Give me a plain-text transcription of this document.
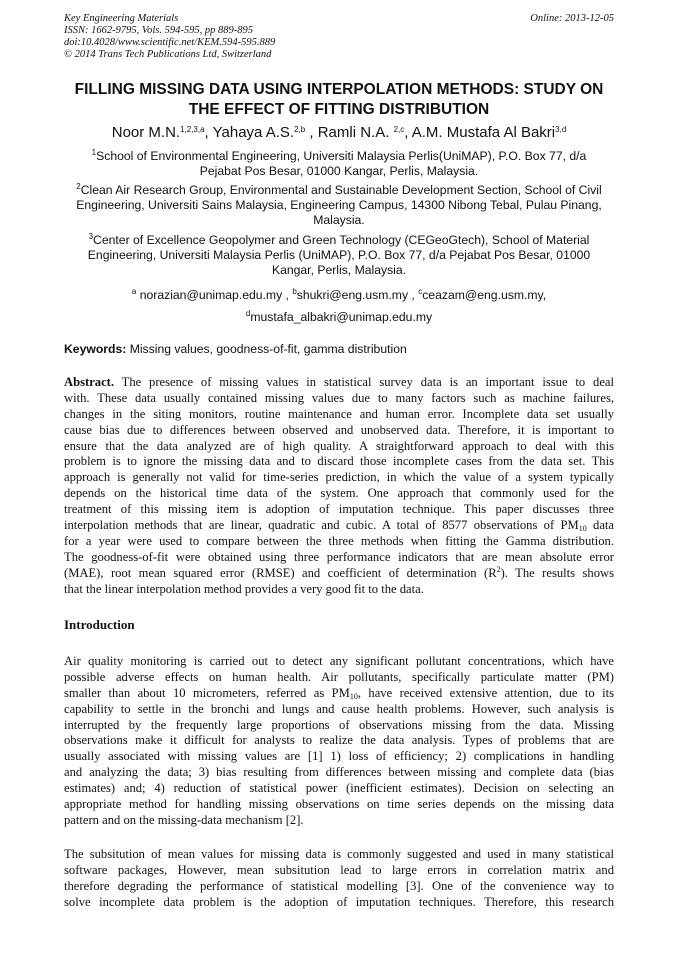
Key Engineering Materials
ISSN: 1662-9795, Vols. 594-595, pp 889-895
doi:10.4028/www.scientific.net/KEM.594-595.889
© 2014 Trans Tech Publications Ltd, Switzerland
Online: 2013-12-05
FILLING MISSING DATA USING INTERPOLATION METHODS: STUDY ON
THE EFFECT OF FITTING DISTRIBUTION
Noor M.N.$^{1,2,3,a}$, Yahaya A.S.$^{2,b}$ , Ramli N.A. $^{2,c}$, A.M. Mustafa Al Bakri$^{3,d}$
$^1$School of Environmental Engineering, Universiti Malaysia Perlis(UniMAP), P.O. Box 77, d/a
Pejabat Pos Besar, 01000 Kangar, Perlis, Malaysia.
$^2$Clean Air Research Group, Environmental and Sustainable Development Section, School of Civil
Engineering, Universiti Sains Malaysia, Engineering Campus, 14300 Nibong Tebal, Pulau Pinang,
Malaysia.
$^3$Center of Excellence Geopolymer and Green Technology (CEGeoGtech), School of Material
Engineering, Universiti Malaysia Perlis (UniMAP), P.O. Box 77, d/a Pejabat Pos Besar, 01000
Kangar, Perlis, Malaysia.
$^a$ norazian@unimap.edu.my , $^b$shukri@eng.usm.my , $^c$ceazam@eng.usm.my,
$^d$mustafa_albakri@unimap.edu.my
Keywords: Missing values, goodness-of-fit, gamma distribution
Abstract. The presence of missing values in statistical survey data is an important issue to deal
with. These data usually contained missing values due to many factors such as machine failures,
changes in the siting monitors, routine maintenance and human error. Incomplete data set usually
cause bias due to differences between observed and unobserved data. Therefore, it is important to
ensure that the data analyzed are of high quality. A straightforward approach to deal with this
problem is to ignore the missing data and to discard those incomplete cases from the data set. This
approach is generally not valid for time-series prediction, in which the value of a system typically
depends on the historical time data of the system. One approach that commonly used for the
treatment of this missing item is adoption of imputation technique. This paper discusses three
interpolation methods that are linear, quadratic and cubic. A total of 8577 observations of $PM_{10}$ data
for a year were used to compare between the three methods when fitting the Gamma distribution.
The goodness-of-fit were obtained using three performance indicators that are mean absolute error
(MAE), root mean squared error (RMSE) and coefficient of determination $(R^2)$. The results shows
that the linear interpolation method provides a very good fit to the data.
Introduction
Air quality monitoring is carried out to detect any significant pollutant concentrations, which have
possible adverse effects on human health. Air pollutants, specifically particulate matter (PM)
smaller than about 10 micrometers, referred as $PM_{10}$, have received extensive attention, due to its
capability to settle in the bronchi and lungs and cause health problems. However, such analysis is
interrupted by the frequently large proportions of observations missing from the data. Missing
observations make it difficult for analysts to realize the data analysis. Types of problems that are
usually associated with missing values are [1] 1) loss of efficiency; 2) complications in handling
and analyzing the data; 3) bias resulting from differences between missing and complete data (bias
estimates) and; 4) reduction of statistical power (inefficient estimates). Decision on selecting an
appropriate method for handling missing observations on time series depends on the missing data
pattern and on the missing-data mechanism [2].
The subsitution of mean values for missing data is commonly suggested and used in many statistical
software packages, However, mean subsitution lead to large errors in correlation matrix and
therefore degrading the performance of statistical modelling [3]. One of the convenience way to
solve incomplete data problem is the adoption of imputation techniques. Therefore, this research
